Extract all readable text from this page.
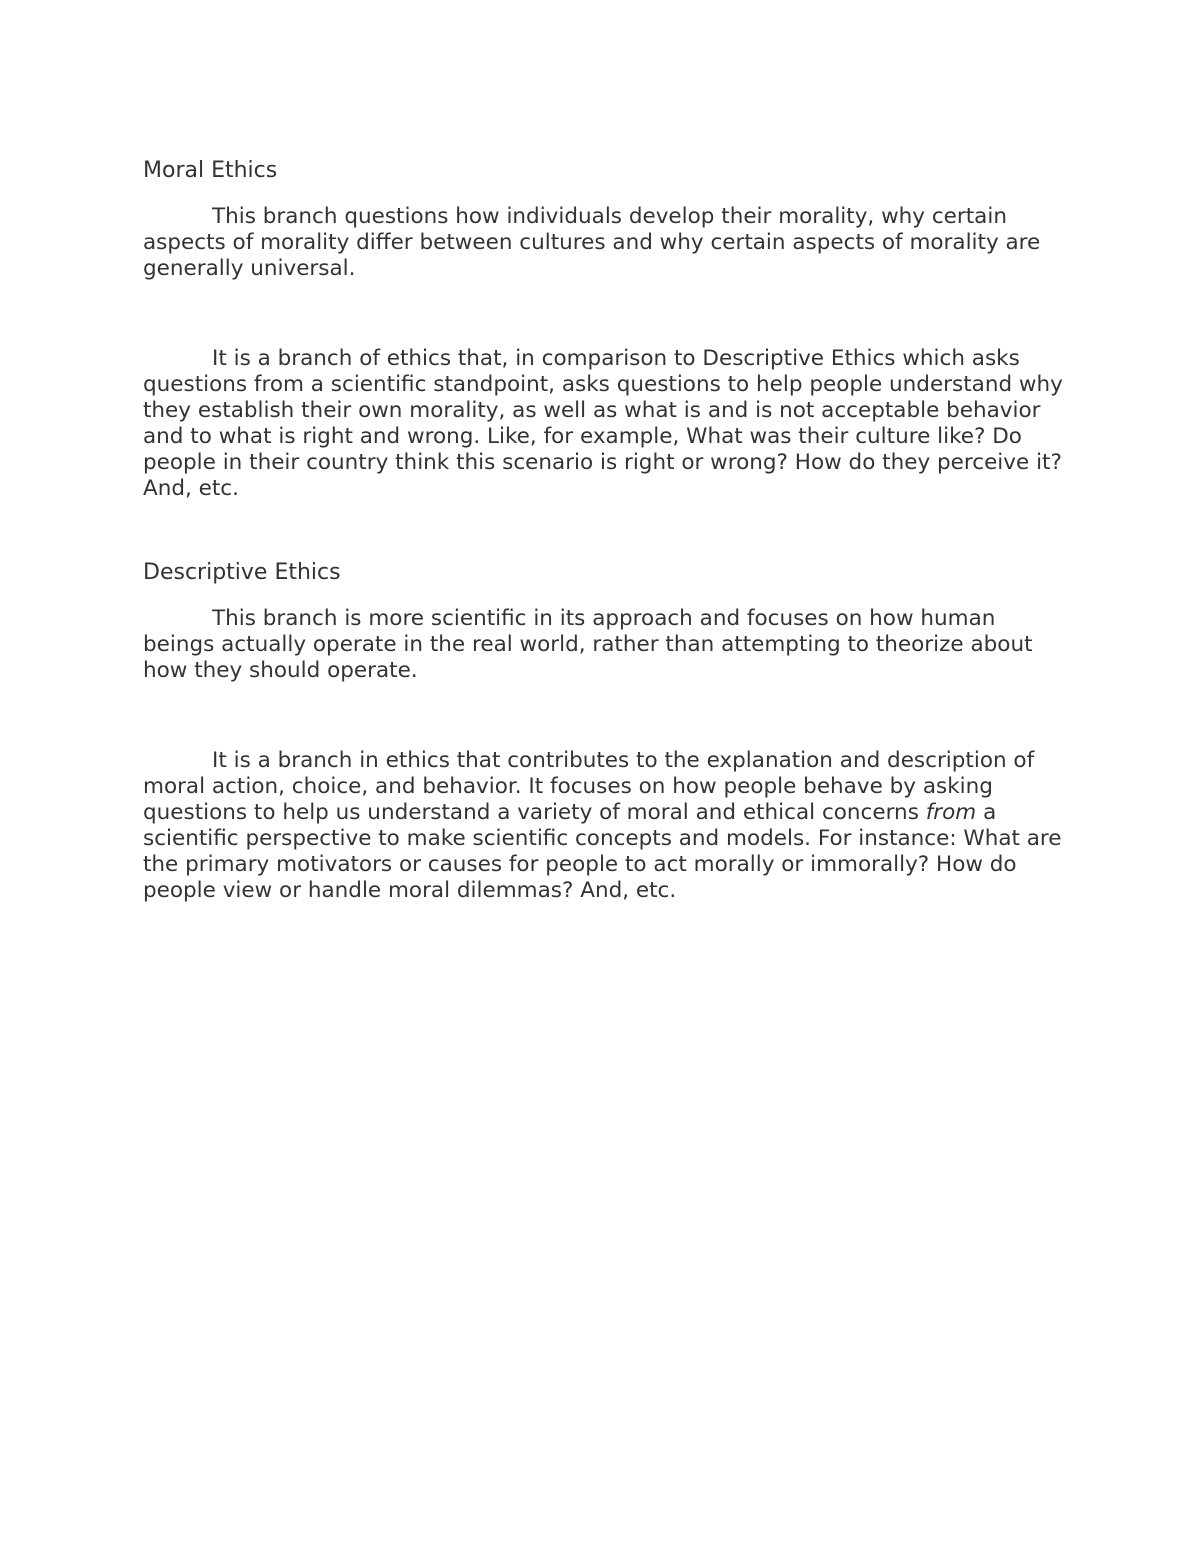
Moral Ethics

This branch questions how individuals develop their morality, why certain aspects of morality differ between cultures and why certain aspects of morality are generally universal.

It is a branch of ethics that, in comparison to Descriptive Ethics which asks questions from a scientific standpoint, asks questions to help people understand why they establish their own morality, as well as what is and is not acceptable behavior and to what is right and wrong. Like, for example, What was their culture like? Do people in their country think this scenario is right or wrong? How do they perceive it? And, etc.

Descriptive Ethics

This branch is more scientific in its approach and focuses on how human beings actually operate in the real world, rather than attempting to theorize about how they should operate.

It is a branch in ethics that contributes to the explanation and description of moral action, choice, and behavior. It focuses on how people behave by asking questions to help us understand a variety of moral and ethical concerns from a scientific perspective to make scientific concepts and models. For instance: What are the primary motivators or causes for people to act morally or immorally? How do people view or handle moral dilemmas? And, etc.
